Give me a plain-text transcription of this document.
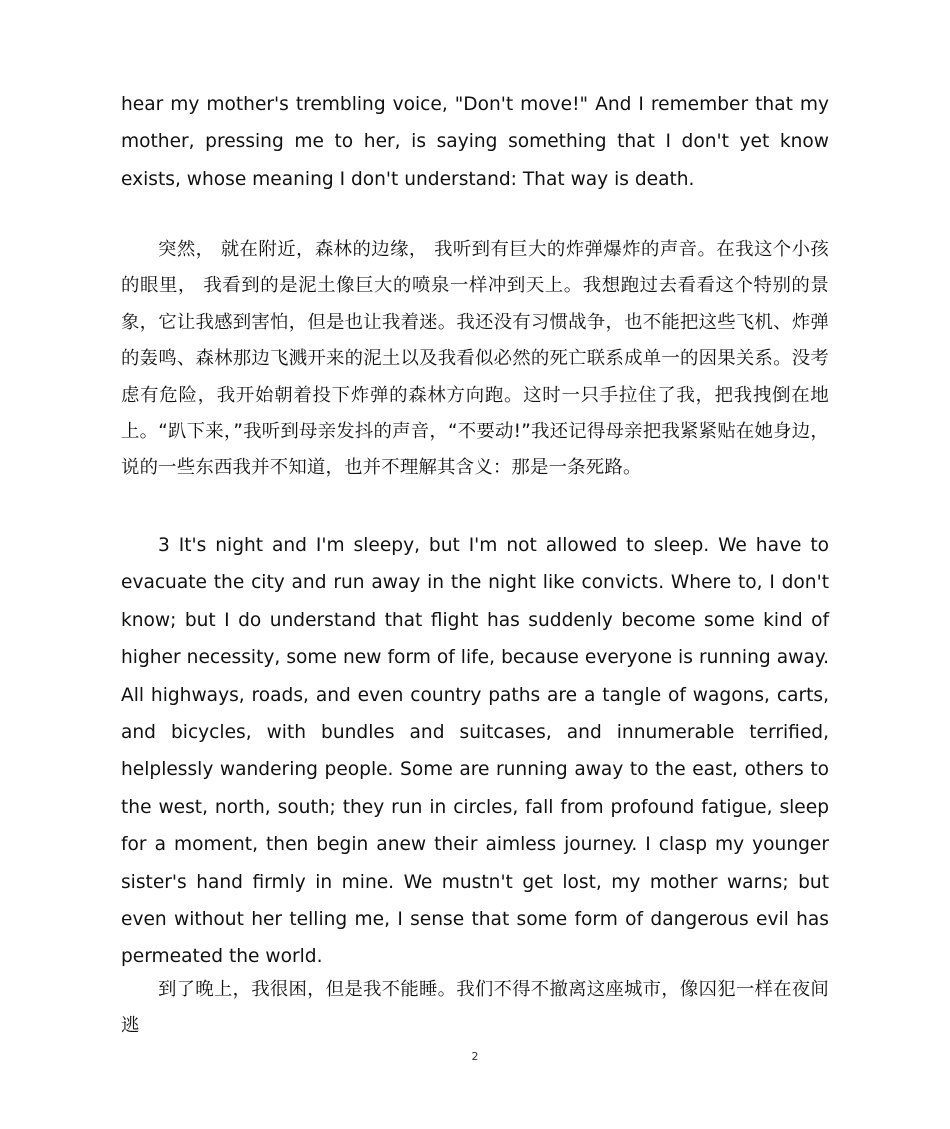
hear my mother's trembling voice, "Don't move!" And I remember that my mother, pressing me to her, is saying something that I don't yet know exists, whose meaning I don't understand: That way is death.

突然， 就在附近，森林的边缘， 我听到有巨大的炸弹爆炸的声音。在我这个小孩的眼里， 我看到的是泥土像巨大的喷泉一样冲到天上。我想跑过去看看这个特别的景象，它让我感到害怕，但是也让我着迷。我还没有习惯战争，也不能把这些飞机、炸弹的轰鸣、森林那边飞溅开来的泥土以及我看似必然的死亡联系成单一的因果关系。没考虑有危险，我开始朝着投下炸弹的森林方向跑。这时一只手拉住了我，把我拽倒在地上。“趴下来，”我听到母亲发抖的声音，“不要动!”我还记得母亲把我紧紧贴在她身边，说的一些东西我并不知道，也并不理解其含义：那是一条死路。

3 It's night and I'm sleepy, but I'm not allowed to sleep. We have to evacuate the city and run away in the night like convicts. Where to, I don't know; but I do understand that flight has suddenly become some kind of higher necessity, some new form of life, because everyone is running away. All highways, roads, and even country paths are a tangle of wagons, carts, and bicycles, with bundles and suitcases, and innumerable terrified, helplessly wandering people. Some are running away to the east, others to the west, north, south; they run in circles, fall from profound fatigue, sleep for a moment, then begin anew their aimless journey. I clasp my younger sister's hand firmly in mine. We mustn't get lost, my mother warns; but even without her telling me, I sense that some form of dangerous evil has permeated the world.

到了晚上，我很困，但是我不能睡。我们不得不撤离这座城市，像囚犯一样在夜间逃

2
